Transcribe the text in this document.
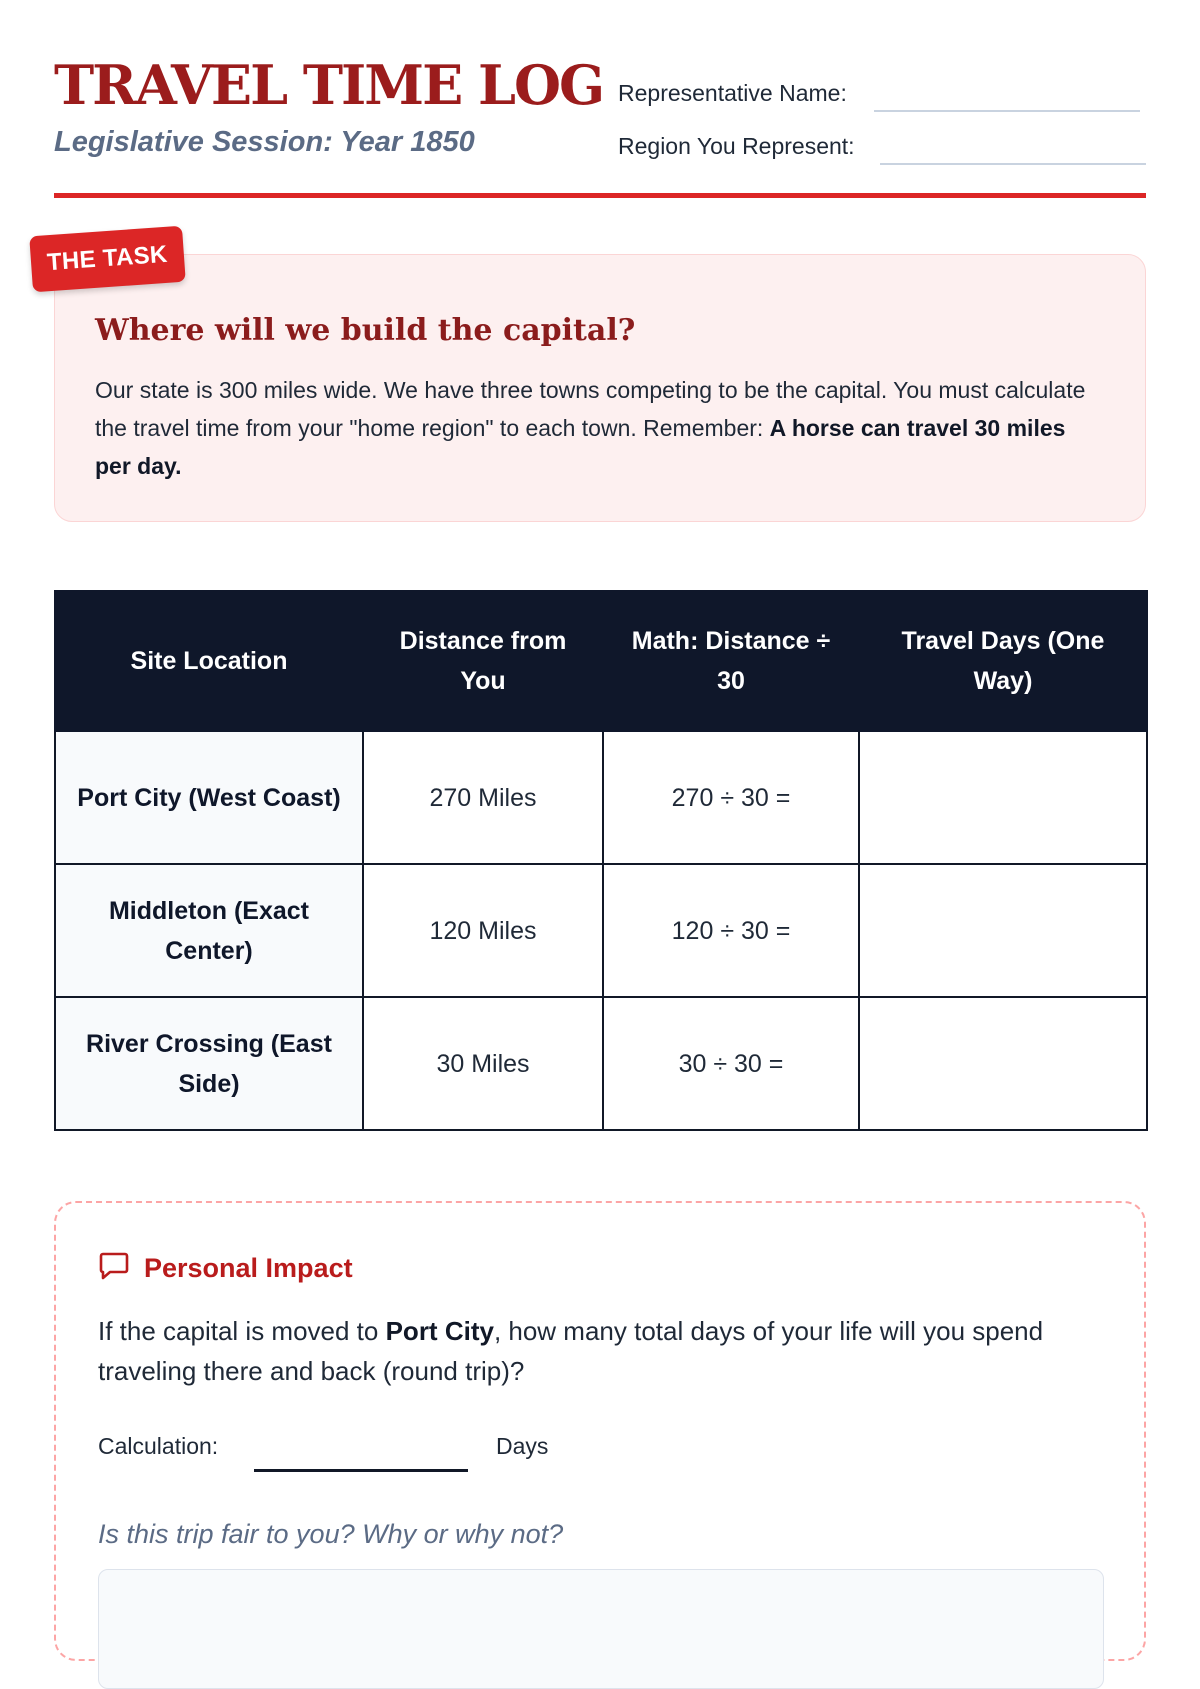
TRAVEL TIME LOG
Legislative Session: Year 1850
Representative Name:
Region You Represent:
THE TASK
Where will we build the capital?

Our state is 300 miles wide. We have three towns competing to be the capital. You must calculate the travel time from your "home region" to each town. Remember: A horse can travel 30 miles per day.

Site Location	Distance from You	Math: Distance ÷ 30	Travel Days (One Way)
Port City (West Coast)	270 Miles	270 ÷ 30 =	
Middleton (Exact Center)	120 Miles	120 ÷ 30 =	
River Crossing (East Side)	30 Miles	30 ÷ 30 =	
Personal Impact

If the capital is moved to Port City, how many total days of your life will you spend traveling there and back (round trip)?

Calculation:	Days
Is this trip fair to you? Why or why not?
